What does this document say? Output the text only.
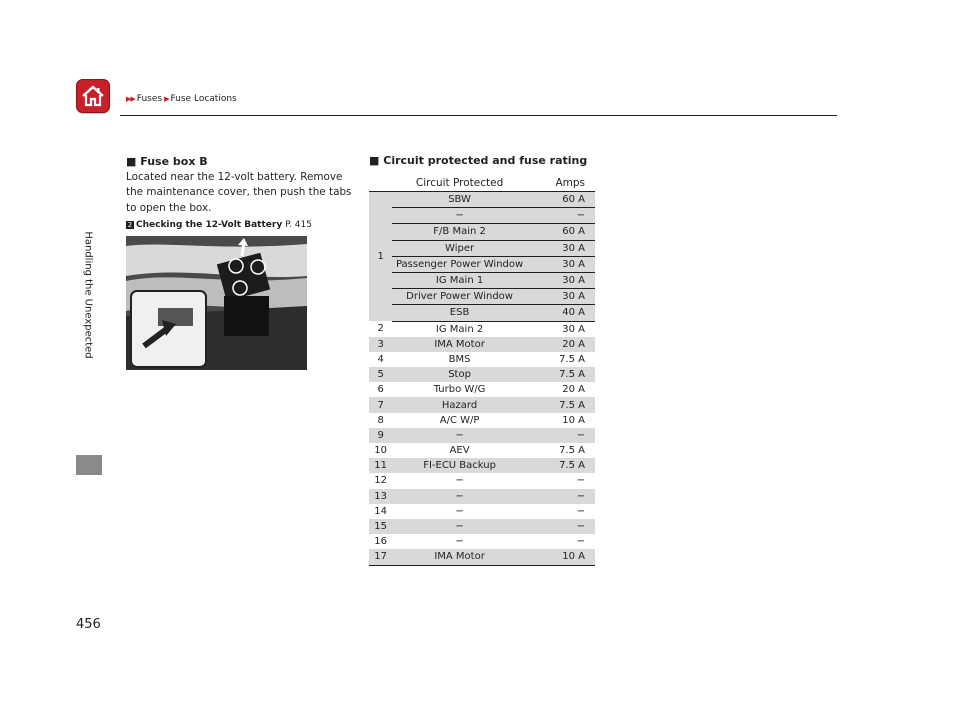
▶▶ Fuses ▶ Fuse Locations
Handling the Unexpected
■ Fuse box B
Located near the 12-volt battery. Remove
the maintenance cover, then push the tabs
to open the box.
2 Checking the 12-Volt Battery P. 415
■ Circuit protected and fuse rating
	Circuit Protected	Amps
1	SBW	60 A
	−	−
	F/B Main 2	60 A
	Wiper	30 A
	Passenger Power Window	30 A
	IG Main 1	30 A
	Driver Power Window	30 A
	ESB	40 A
2	IG Main 2	30 A
3	IMA Motor	20 A
4	BMS	7.5 A
5	Stop	7.5 A
6	Turbo W/G	20 A
7	Hazard	7.5 A
8	A/C W/P	10 A
9	−	−
10	AEV	7.5 A
11	FI-ECU Backup	7.5 A
12	−	−
13	−	−
14	−	−
15	−	−
16	−	−
17	IMA Motor	10 A
456
